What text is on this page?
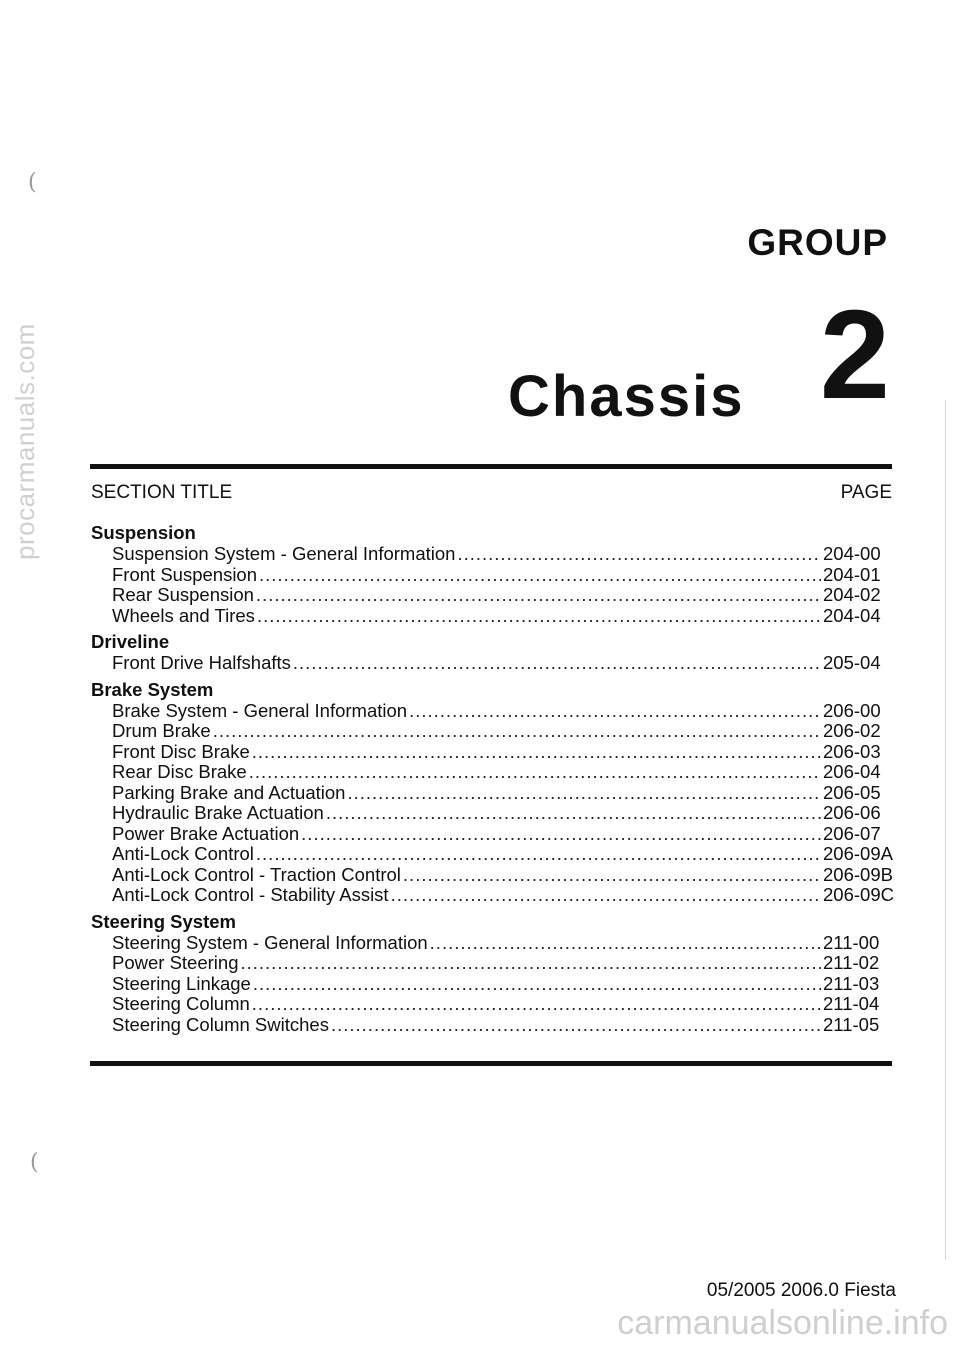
procarmanuals.com
(
(
GROUP
2
Chassis
SECTION TITLE	PAGE
Suspension
Suspension System - General Information .....	204-00
Front Suspension .....	204-01
Rear Suspension .....	204-02
Wheels and Tires .....	204-04
Driveline
Front Drive Halfshafts .....	205-04
Brake System
Brake System - General Information .....	206-00
Drum Brake .....	206-02
Front Disc Brake .....	206-03
Rear Disc Brake .....	206-04
Parking Brake and Actuation .....	206-05
Hydraulic Brake Actuation .....	206-06
Power Brake Actuation .....	206-07
Anti-Lock Control .....	206-09A
Anti-Lock Control - Traction Control .....	206-09B
Anti-Lock Control - Stability Assist .....	206-09C
Steering System
Steering System - General Information .....	211-00
Power Steering .....	211-02
Steering Linkage .....	211-03
Steering Column .....	211-04
Steering Column Switches .....	211-05
05/2005 2006.0 Fiesta
carmanualsonline.info
